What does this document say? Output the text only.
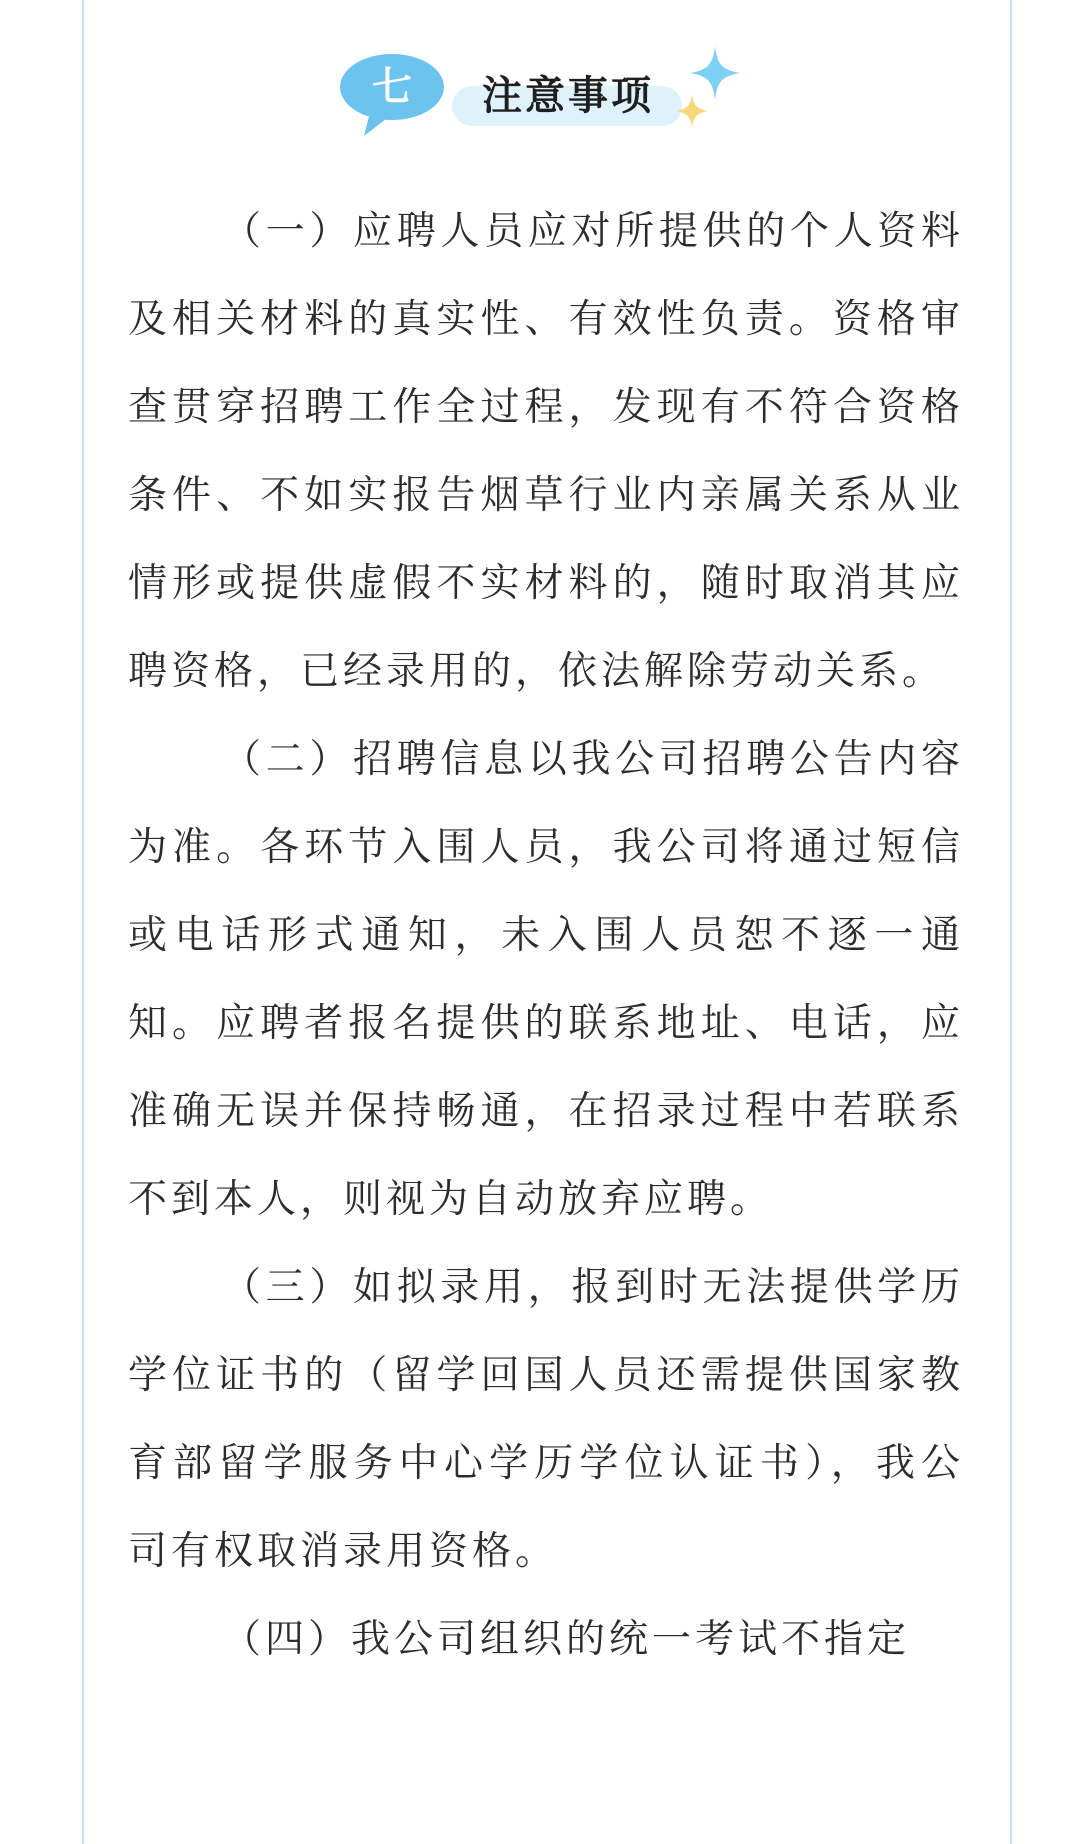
七	注意事项

（一）应聘人员应对所提供的个人资料及相关材料的真实性、有效性负责。资格审查贯穿招聘工作全过程，发现有不符合资格条件、不如实报告烟草行业内亲属关系从业情形或提供虚假不实材料的，随时取消其应聘资格，已经录用的，依法解除劳动关系。

（二）招聘信息以我公司招聘公告内容为准。各环节入围人员，我公司将通过短信或电话形式通知，未入围人员恕不逐一通知。应聘者报名提供的联系地址、电话，应准确无误并保持畅通，在招录过程中若联系不到本人，则视为自动放弃应聘。

（三）如拟录用，报到时无法提供学历学位证书的（留学回国人员还需提供国家教育部留学服务中心学历学位认证书），我公司有权取消录用资格。

（四）我公司组织的统一考试不指定
